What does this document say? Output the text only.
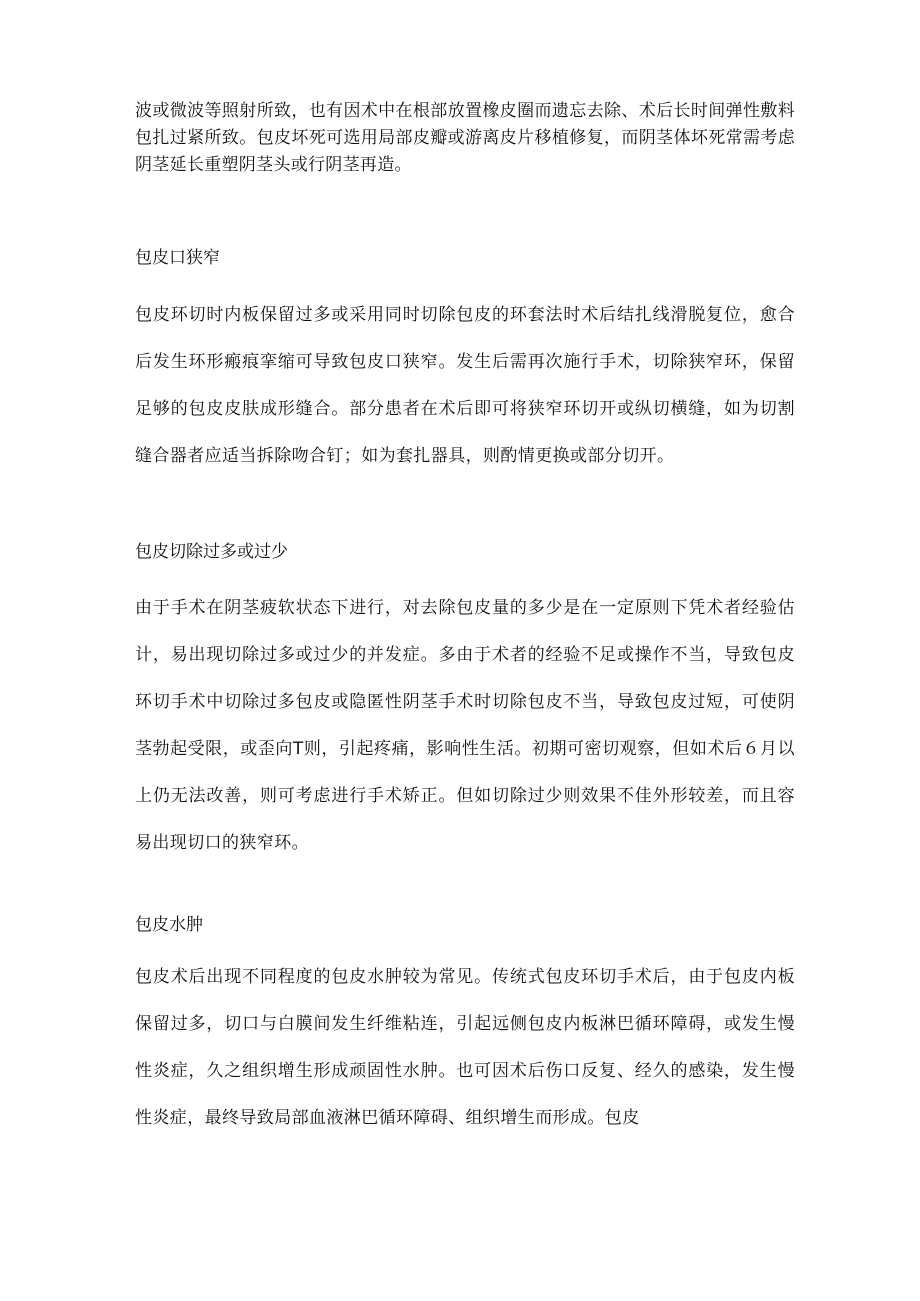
波或微波等照射所致，也有因术中在根部放置橡皮圈而遗忘去除、术后长时间弹性敷料包扎过紧所致。包皮坏死可选用局部皮瓣或游离皮片移植修复，而阴茎体坏死常需考虑阴茎延长重塑阴茎头或行阴茎再造。

包皮口狭窄

包皮环切时内板保留过多或采用同时切除包皮的环套法时术后结扎线滑脱复位，愈合后发生环形瘢痕挛缩可导致包皮口狭窄。发生后需再次施行手术，切除狭窄环，保留足够的包皮皮肤成形缝合。部分患者在术后即可将狭窄环切开或纵切横缝，如为切割缝合器者应适当拆除吻合钉；如为套扎器具，则酌情更换或部分切开。

包皮切除过多或过少

由于手术在阴茎疲软状态下进行，对去除包皮量的多少是在一定原则下凭术者经验估计，易出现切除过多或过少的并发症。多由于术者的经验不足或操作不当，导致包皮环切手术中切除过多包皮或隐匿性阴茎手术时切除包皮不当，导致包皮过短，可使阴茎勃起受限，或歪向Τ则，引起疼痛，影响性生活。初期可密切观察，但如术后６月以上仍无法改善，则可考虑进行手术矫正。但如切除过少则效果不佳外形较差，而且容易出现切口的狭窄环。

包皮水肿

包皮术后出现不同程度的包皮水肿较为常见。传统式包皮环切手术后，由于包皮内板保留过多，切口与白膜间发生纤维粘连，引起远侧包皮内板淋巴循环障碍，或发生慢性炎症，久之组织增生形成顽固性水肿。也可因术后伤口反复、经久的感染，发生慢性炎症，最终导致局部血液淋巴循环障碍、组织增生而形成。包皮
